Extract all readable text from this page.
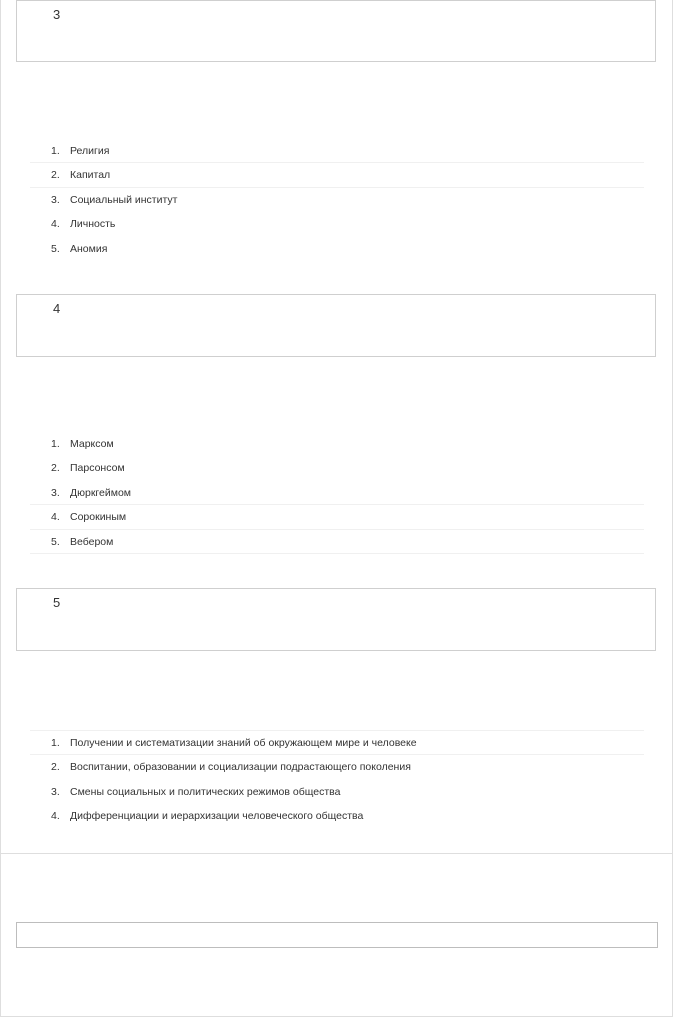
3
1. Религия
2. Капитал
3. Социальный институт
4. Личность
5. Аномия
4
1. Марксом
2. Парсонсом
3. Дюркгеймом
4. Сорокиным
5. Вебером
5
1. Получении и систематизации знаний об окружающем мире и человеке
2. Воспитании, образовании и социализации подрастающего поколения
3. Смены социальных и политических режимов общества
4. Дифференциации и иерархизации человеческого общества
